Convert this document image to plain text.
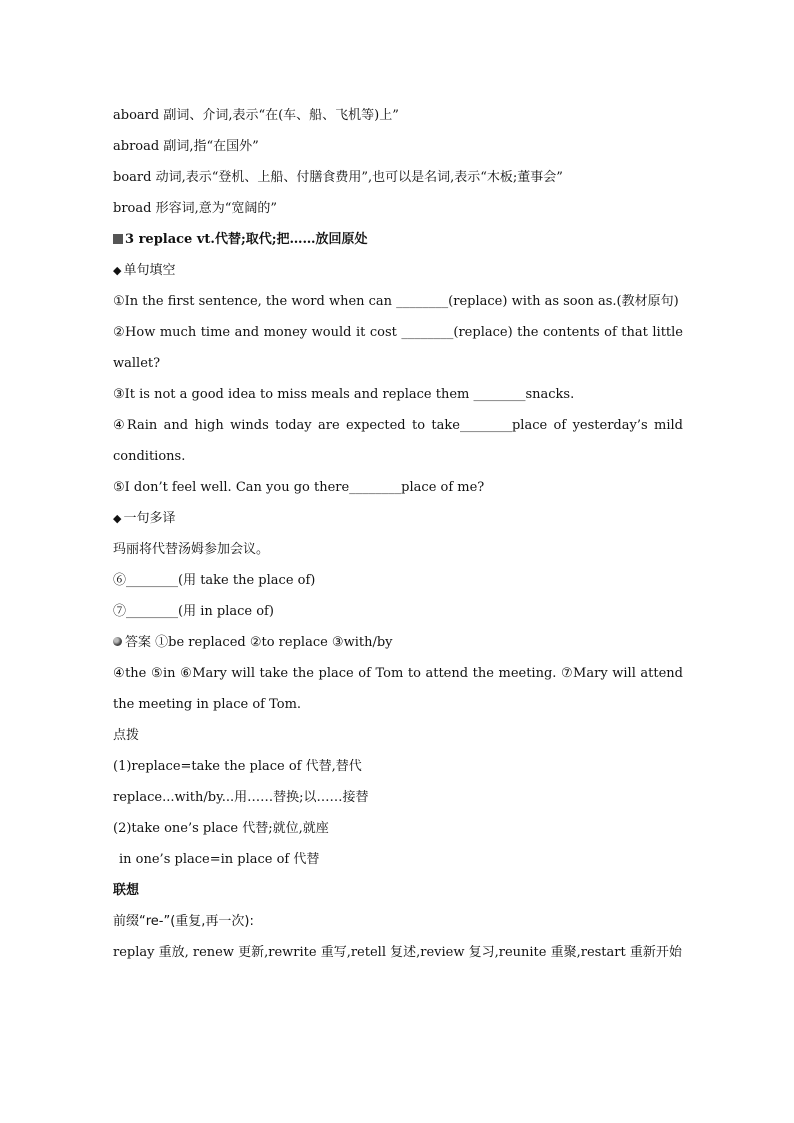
aboard 副词、介词,表示“在(车、船、飞机等)上”
abroad 副词,指“在国外”
board 动词,表示“登机、上船、付膳食费用”,也可以是名词,表示“木板;董事会”
broad 形容词,意为“宽阔的”
3 replace vt.代替;取代;把……放回原处
◆ 单句填空
①In the first sentence, the word when can ________(replace) with as soon as.(教材原句)
②How much time and money would it cost ________(replace) the contents of that little wallet?
③It is not a good idea to miss meals and replace them ________snacks.
④Rain and high winds today are expected to take________place of yesterday’s mild conditions.
⑤I don’t feel well. Can you go there________place of me?
◆ 一句多译
玛丽将代替汤姆参加会议。
⑥________(用 take the place of)
⑦________(用 in place of)
答案 ①be replaced ②to replace ③with/by
④the ⑤in ⑥Mary will take the place of Tom to attend the meeting. ⑦Mary will attend the meeting in place of Tom.
点拨
(1)replace=take the place of 代替,替代
replace...with/by...用……替换;以……接替
(2)take one’s place 代替;就位,就座
in one’s place=in place of 代替
联想
前缀“re-”(重复,再一次):
replay 重放, renew 更新,rewrite 重写,retell 复述,review 复习,reunite 重聚,restart 重新开始
